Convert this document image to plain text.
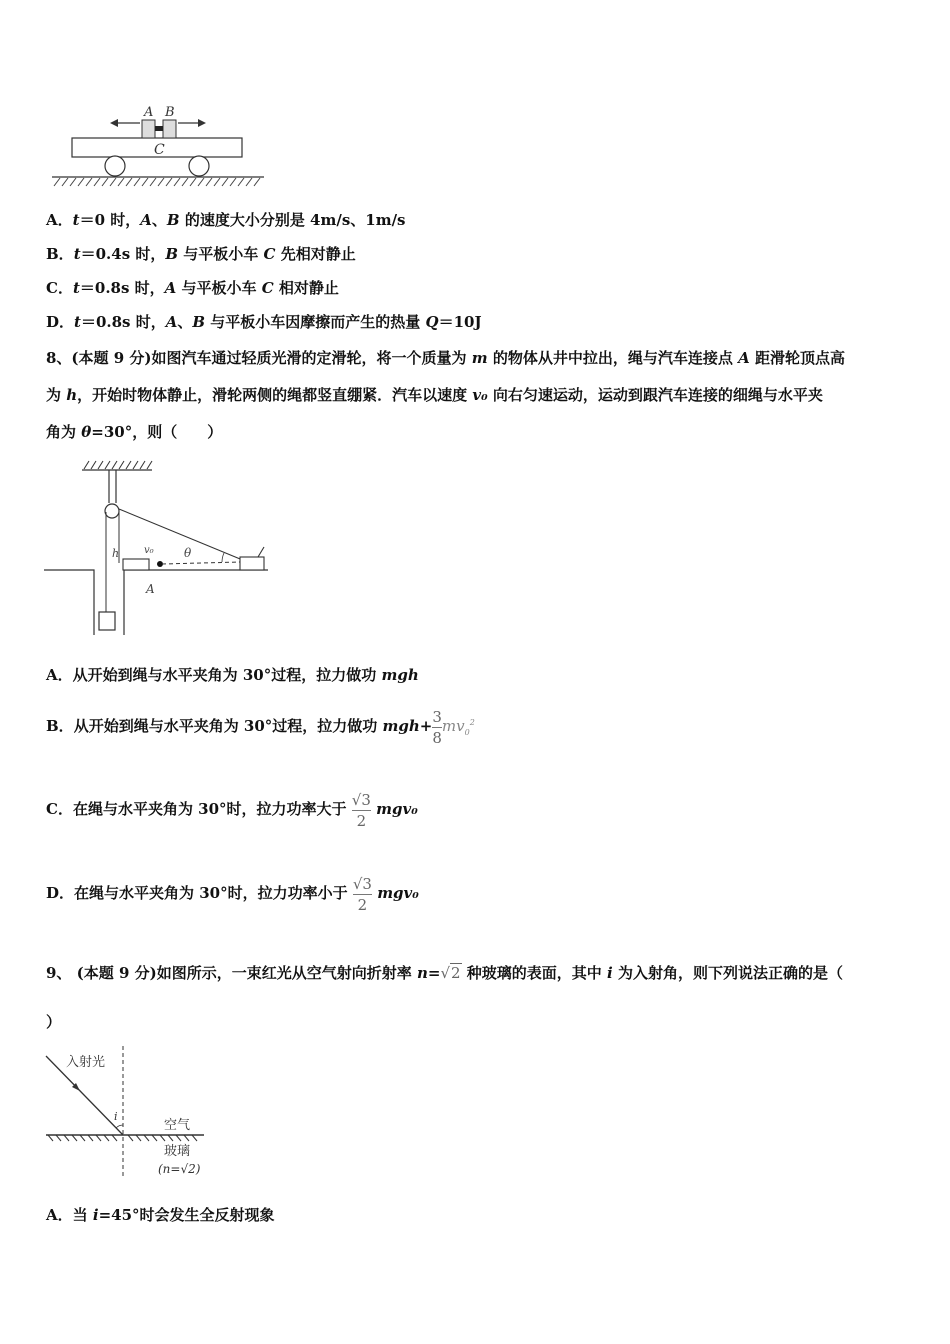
A B
C
A．t＝0 时，A、B 的速度大小分别是 4m/s、1m/s
B．t＝0.4s 时，B 与平板小车 C 先相对静止
C．t＝0.8s 时，A 与平板小车 C 相对静止
D．t＝0.8s 时，A、B 与平板小车因摩擦而产生的热量 Q＝10J
8、(本题 9 分)如图汽车通过轻质光滑的定滑轮，将一个质量为 m 的物体从井中拉出，绳与汽车连接点 A 距滑轮顶点高
为 h，开始时物体静止，滑轮两侧的绳都竖直绷紧．汽车以速度 v₀ 向右匀速运动，运动到跟汽车连接的细绳与水平夹
角为 θ=30°，则（　　）
h v₀	θ
A
A．从开始到绳与水平夹角为 30°过程，拉力做功 mgh
B．从开始到绳与水平夹角为 30°过程，拉力做功 $mgh+ \frac{3}{8} mv_0^2$
C．在绳与水平夹角为 30°时，拉力功率大于 $\frac{√3}{2} mgv_0$
D．在绳与水平夹角为 30°时，拉力功率小于 $\frac{√3}{2} mgv_0$
9、 (本题 9 分)如图所示，一束红光从空气射向折射率 n=√2 种玻璃的表面，其中 i 为入射角，则下列说法正确的是（
）
入射光
i
空气
玻璃
(n=√2)
A．当 i=45°时会发生全反射现象
